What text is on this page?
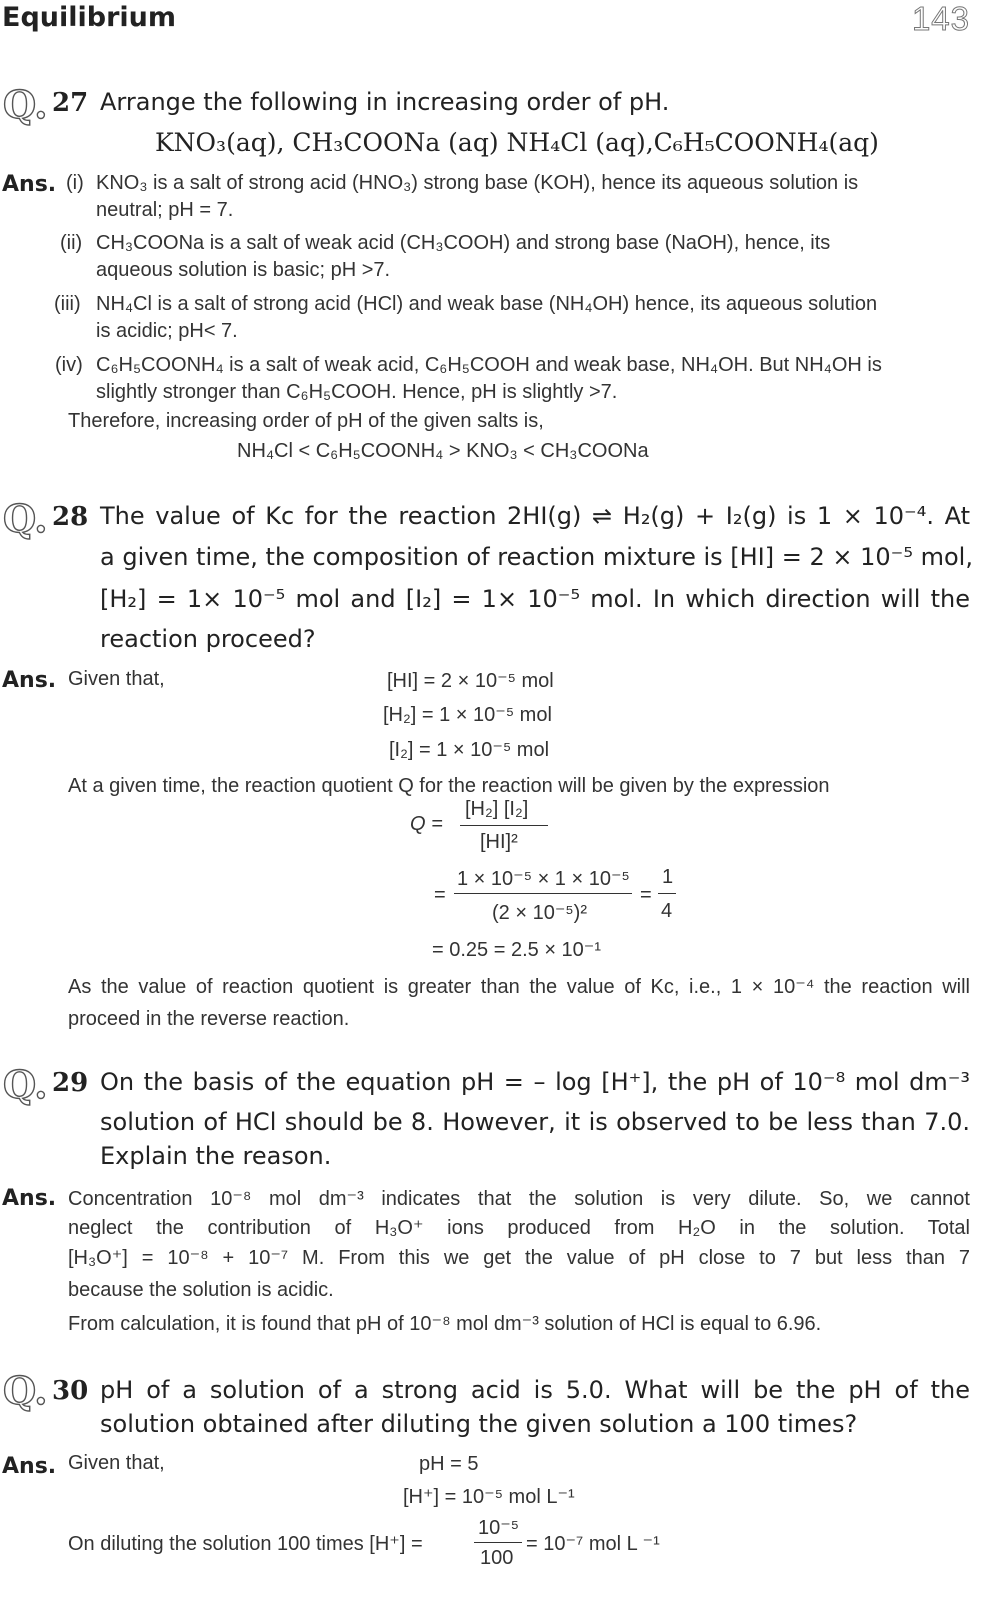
Equilibrium	143
Q. 27 Arrange the following in increasing order of pH.
KNO₃(aq), CH₃COONa (aq) NH₄Cl (aq),C₆H₅COONH₄(aq)
Ans. (i) KNO₃ is a salt of strong acid (HNO₃) strong base (KOH), hence its aqueous solution is
neutral; pH = 7.
(ii) CH₃COONa is a salt of weak acid (CH₃COOH) and strong base (NaOH), hence, its
aqueous solution is basic; pH >7.
(iii) NH₄Cl is a salt of strong acid (HCl) and weak base (NH₄OH) hence, its aqueous solution
is acidic; pH< 7.
(iv) C₆H₅COONH₄ is a salt of weak acid, C₆H₅COOH and weak base, NH₄OH. But NH₄OH is
slightly stronger than C₆H₅COOH. Hence, pH is slightly >7.
Therefore, increasing order of pH of the given salts is,
NH₄Cl < C₆H₅COONH₄ > KNO₃ < CH₃COONa
Q. 28 The value of Kc for the reaction 2HI(g) ⇌ H₂(g) + I₂(g) is 1 × 10⁻⁴. At
a given time, the composition of reaction mixture is [HI] = 2 × 10⁻⁵ mol,
[H₂] = 1× 10⁻⁵ mol and [I₂] = 1× 10⁻⁵ mol. In which direction will the
reaction proceed?
Ans. Given that,	[HI] = 2 × 10⁻⁵ mol
[H₂] = 1 × 10⁻⁵ mol
[I₂] = 1 × 10⁻⁵ mol
At a given time, the reaction quotient Q for the reaction will be given by the expression
Q =
[H₂] [I₂]
[HI]²
=
1 × 10⁻⁵ × 1 × 10⁻⁵
(2 × 10⁻⁵)²
=
1
4
= 0.25 = 2.5 × 10⁻¹
As the value of reaction quotient is greater than the value of Kc, i.e., 1 × 10⁻⁴ the reaction will
proceed in the reverse reaction.
Q. 29 On the basis of the equation pH = – log [H⁺], the pH of 10⁻⁸ mol dm⁻³
solution of HCl should be 8. However, it is observed to be less than 7.0.
Explain the reason.
Ans. Concentration 10⁻⁸ mol dm⁻³ indicates that the solution is very dilute. So, we cannot
neglect the contribution of H₃O⁺ ions produced from H₂O in the solution. Total
[H₃O⁺] = 10⁻⁸ + 10⁻⁷ M. From this we get the value of pH close to 7 but less than 7
because the solution is acidic.
From calculation, it is found that pH of 10⁻⁸ mol dm⁻³ solution of HCl is equal to 6.96.
Q. 30 pH of a solution of a strong acid is 5.0. What will be the pH of the
solution obtained after diluting the given solution a 100 times?
Ans. Given that,	pH = 5
[H⁺] = 10⁻⁵ mol L⁻¹
On diluting the solution 100 times [H⁺] =
10⁻⁵
100
= 10⁻⁷ mol L ⁻¹
